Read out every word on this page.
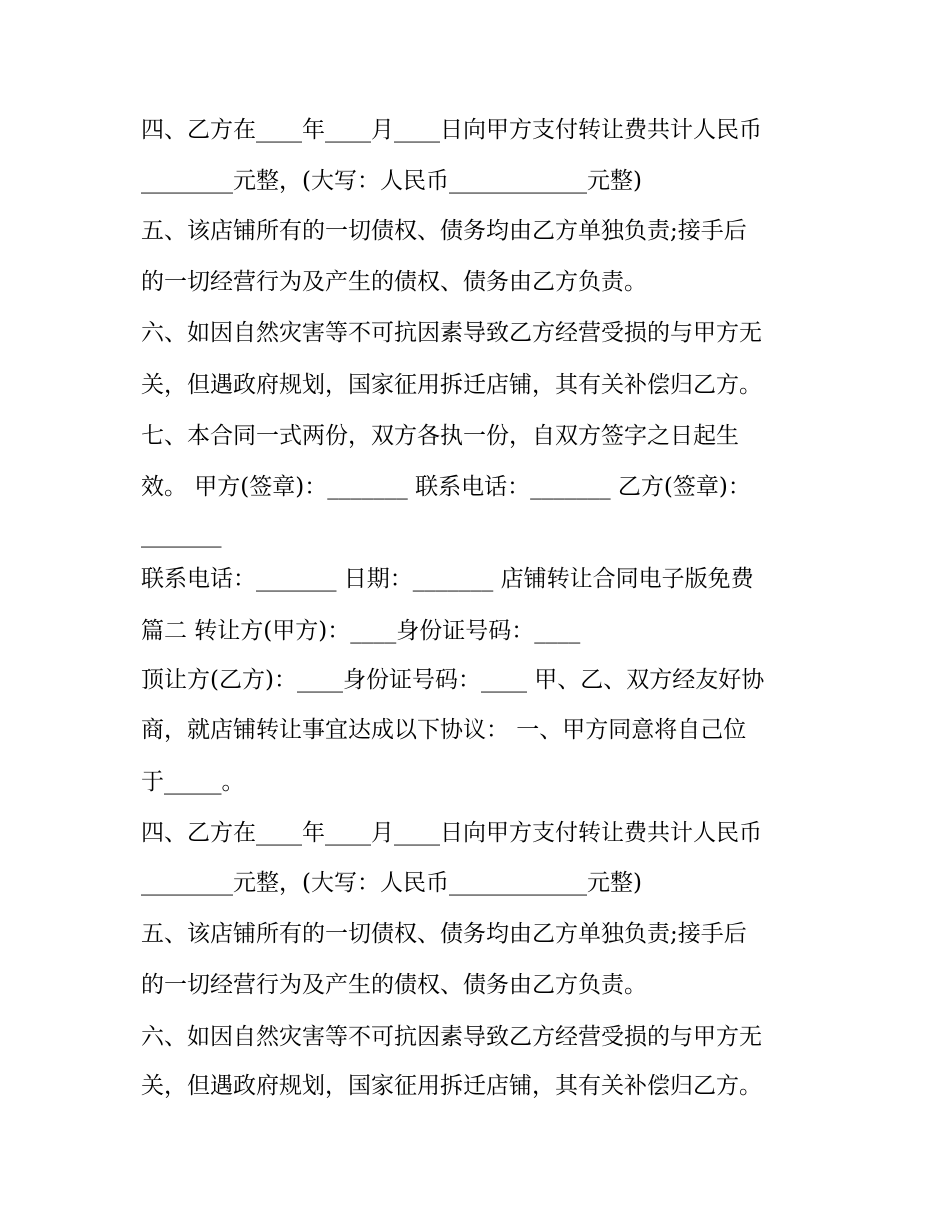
四、乙方在____年____月____日向甲方支付转让费共计人民币
________元整，(大写：人民币____________元整)
五、该店铺所有的一切债权、债务均由乙方单独负责;接手后
的一切经营行为及产生的债权、债务由乙方负责。
六、如因自然灾害等不可抗因素导致乙方经营受损的与甲方无
关，但遇政府规划，国家征用拆迁店铺，其有关补偿归乙方。
七、本合同一式两份，双方各执一份，自双方签字之日起生
效。 甲方(签章)：_______ 联系电话：_______ 乙方(签章)：
_______
联系电话：_______ 日期：_______ 店铺转让合同电子版免费
篇二 转让方(甲方)：____身份证号码：____
顶让方(乙方)：____身份证号码：____ 甲、乙、双方经友好协
商，就店铺转让事宜达成以下协议： 一、甲方同意将自己位
于_____。
四、乙方在____年____月____日向甲方支付转让费共计人民币
________元整，(大写：人民币____________元整)
五、该店铺所有的一切债权、债务均由乙方单独负责;接手后
的一切经营行为及产生的债权、债务由乙方负责。
六、如因自然灾害等不可抗因素导致乙方经营受损的与甲方无
关，但遇政府规划，国家征用拆迁店铺，其有关补偿归乙方。
